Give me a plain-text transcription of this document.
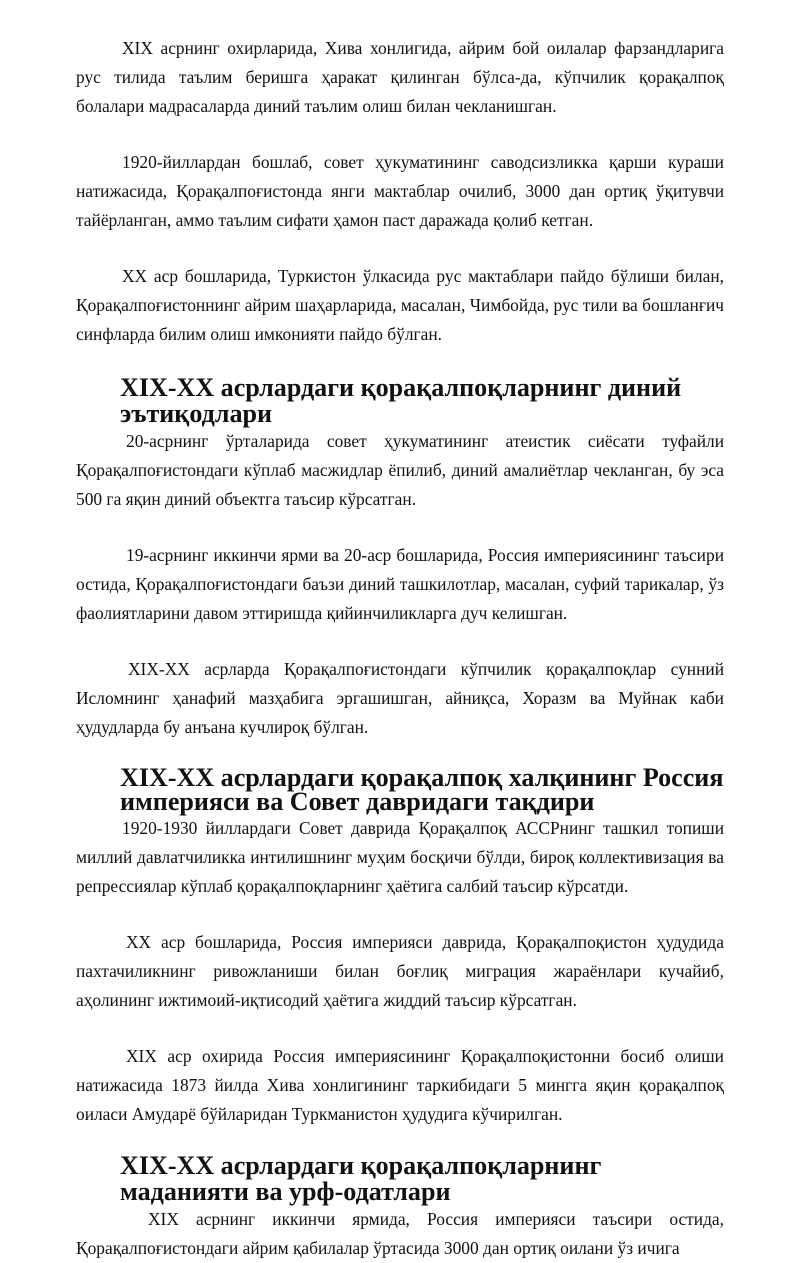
XIX асрнинг охирларида, Хива хонлигида, айрим бой оилалар фарзандларига рус тилида таълим беришга ҳаракат қилинган бўлса-да, кўпчилик қорақалпоқ болалари мадрасаларда диний таълим олиш билан чекланишган.

1920-йиллардан бошлаб, совет ҳукуматининг саводсизликка қарши кураши натижасида, Қорақалпоғистонда янги мактаблар очилиб, 3000 дан ортиқ ўқитувчи тайёрланган, аммо таълим сифати ҳамон паст даражада қолиб кетган.

XX аср бошларида, Туркистон ўлкасида рус мактаблари пайдо бўлиши билан, Қорақалпоғистоннинг айрим шаҳарларида, масалан, Чимбойда, рус тили ва бошланғич синфларда билим олиш имконияти пайдо бўлган.

XIX-XX асрлардаги қорақалпоқларнинг диний эътиқодлари

20-асрнинг ўрталарида совет ҳукуматининг атеистик сиёсати туфайли Қорақалпоғистондаги кўплаб масжидлар ёпилиб, диний амалиётлар чекланган, бу эса 500 га яқин диний объектга таъсир кўрсатган.

19-асрнинг иккинчи ярми ва 20-аср бошларида, Россия империясининг таъсири остида, Қорақалпоғистондаги баъзи диний ташкилотлар, масалан, суфий тарикалар, ўз фаолиятларини давом эттиришда қийинчиликларга дуч келишган.

XIX-XX асрларда Қорақалпоғистондаги кўпчилик қорақалпоқлар сунний Исломнинг ҳанафий мазҳабига эргашишган, айниқса, Хоразм ва Муйнак каби ҳудудларда бу анъана кучлироқ бўлган.

XIX-XX асрлардаги қорақалпоқ халқининг Россия империяси ва Совет давридаги тақдири

1920-1930 йиллардаги Совет даврида Қорақалпоқ АССРнинг ташкил топиши миллий давлатчиликка интилишнинг муҳим босқичи бўлди, бироқ коллективизация ва репрессиялар кўплаб қорақалпоқларнинг ҳаётига салбий таъсир кўрсатди.

XX аср бошларида, Россия империяси даврида, Қорақалпоқистон ҳудудида пахтачиликнинг ривожланиши билан боғлиқ миграция жараёнлари кучайиб, аҳолининг ижтимоий-иқтисодий ҳаётига жиддий таъсир кўрсатган.

XIX аср охирида Россия империясининг Қорақалпоқистонни босиб олиши натижасида 1873 йилда Хива хонлигининг таркибидаги 5 мингга яқин қорақалпоқ оиласи Амударё бўйларидан Туркманистон ҳудудига кўчирилган.

XIX-XX асрлардаги қорақалпоқларнинг маданияти ва урф-одатлари

XIX асрнинг иккинчи ярмида, Россия империяси таъсири остида, Қорақалпоғистондаги айрим қабилалар ўртасида 3000 дан ортиқ оилани ўз ичига
